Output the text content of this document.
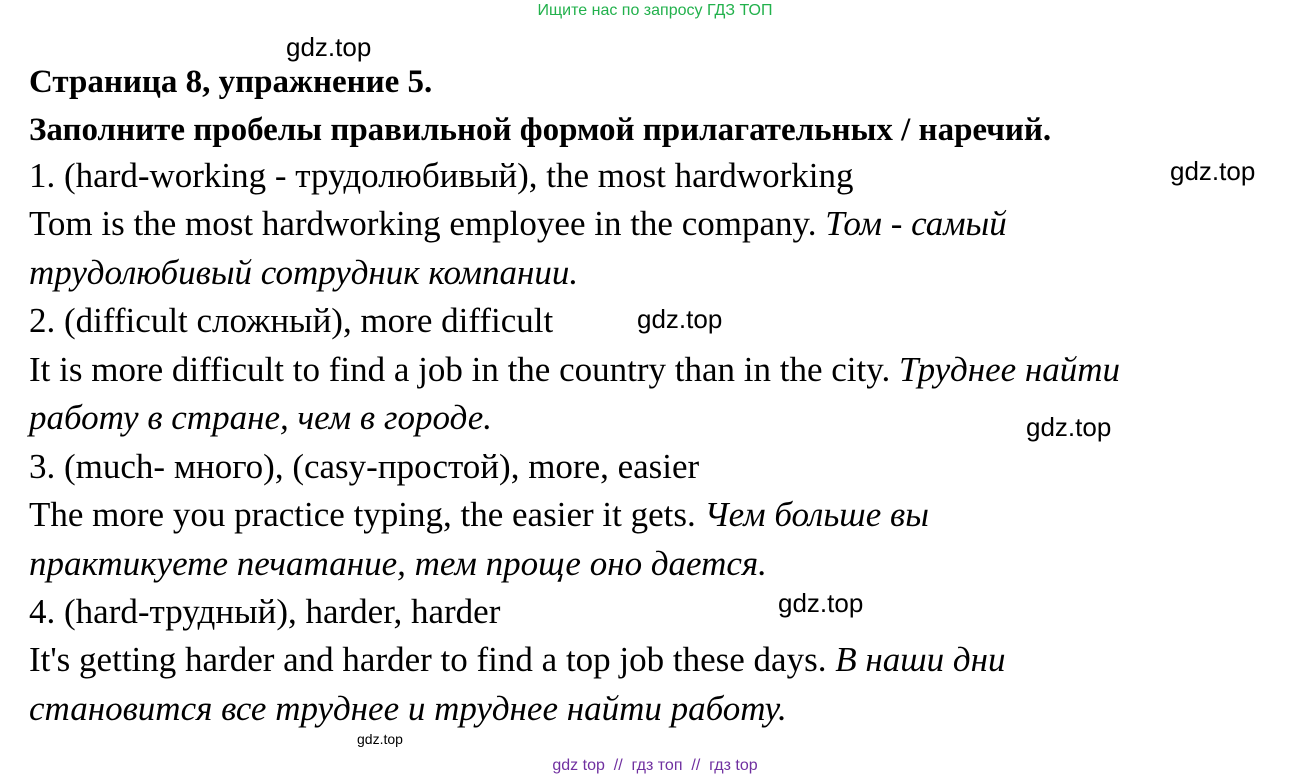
Ищите нас по запросу ГДЗ ТОП
gdz.top
gdz.top
gdz.top
gdz.top
gdz.top
gdz.top
Страница 8, упражнение 5.
Заполните пробелы правильной формой прилагательных / наречий.
1. (hard-working - трудолюбивый), the most hardworking
Tom is the most hardworking employee in the company. Том - самый
трудолюбивый сотрудник компании.
2. (difficult сложный), more difficult
It is more difficult to find a job in the country than in the city. Труднее найти
работу в стране, чем в городе.
3. (much- много), (casy-простой), more, easier
The more you practice typing, the easier it gets. Чем больше вы
практикуете печатание, тем проще оно дается.
4. (hard-трудный), harder, harder
It's getting harder and harder to find a top job these days. В наши дни
становится все труднее и труднее найти работу.
gdz top  //  гдз топ  //  гдз top
